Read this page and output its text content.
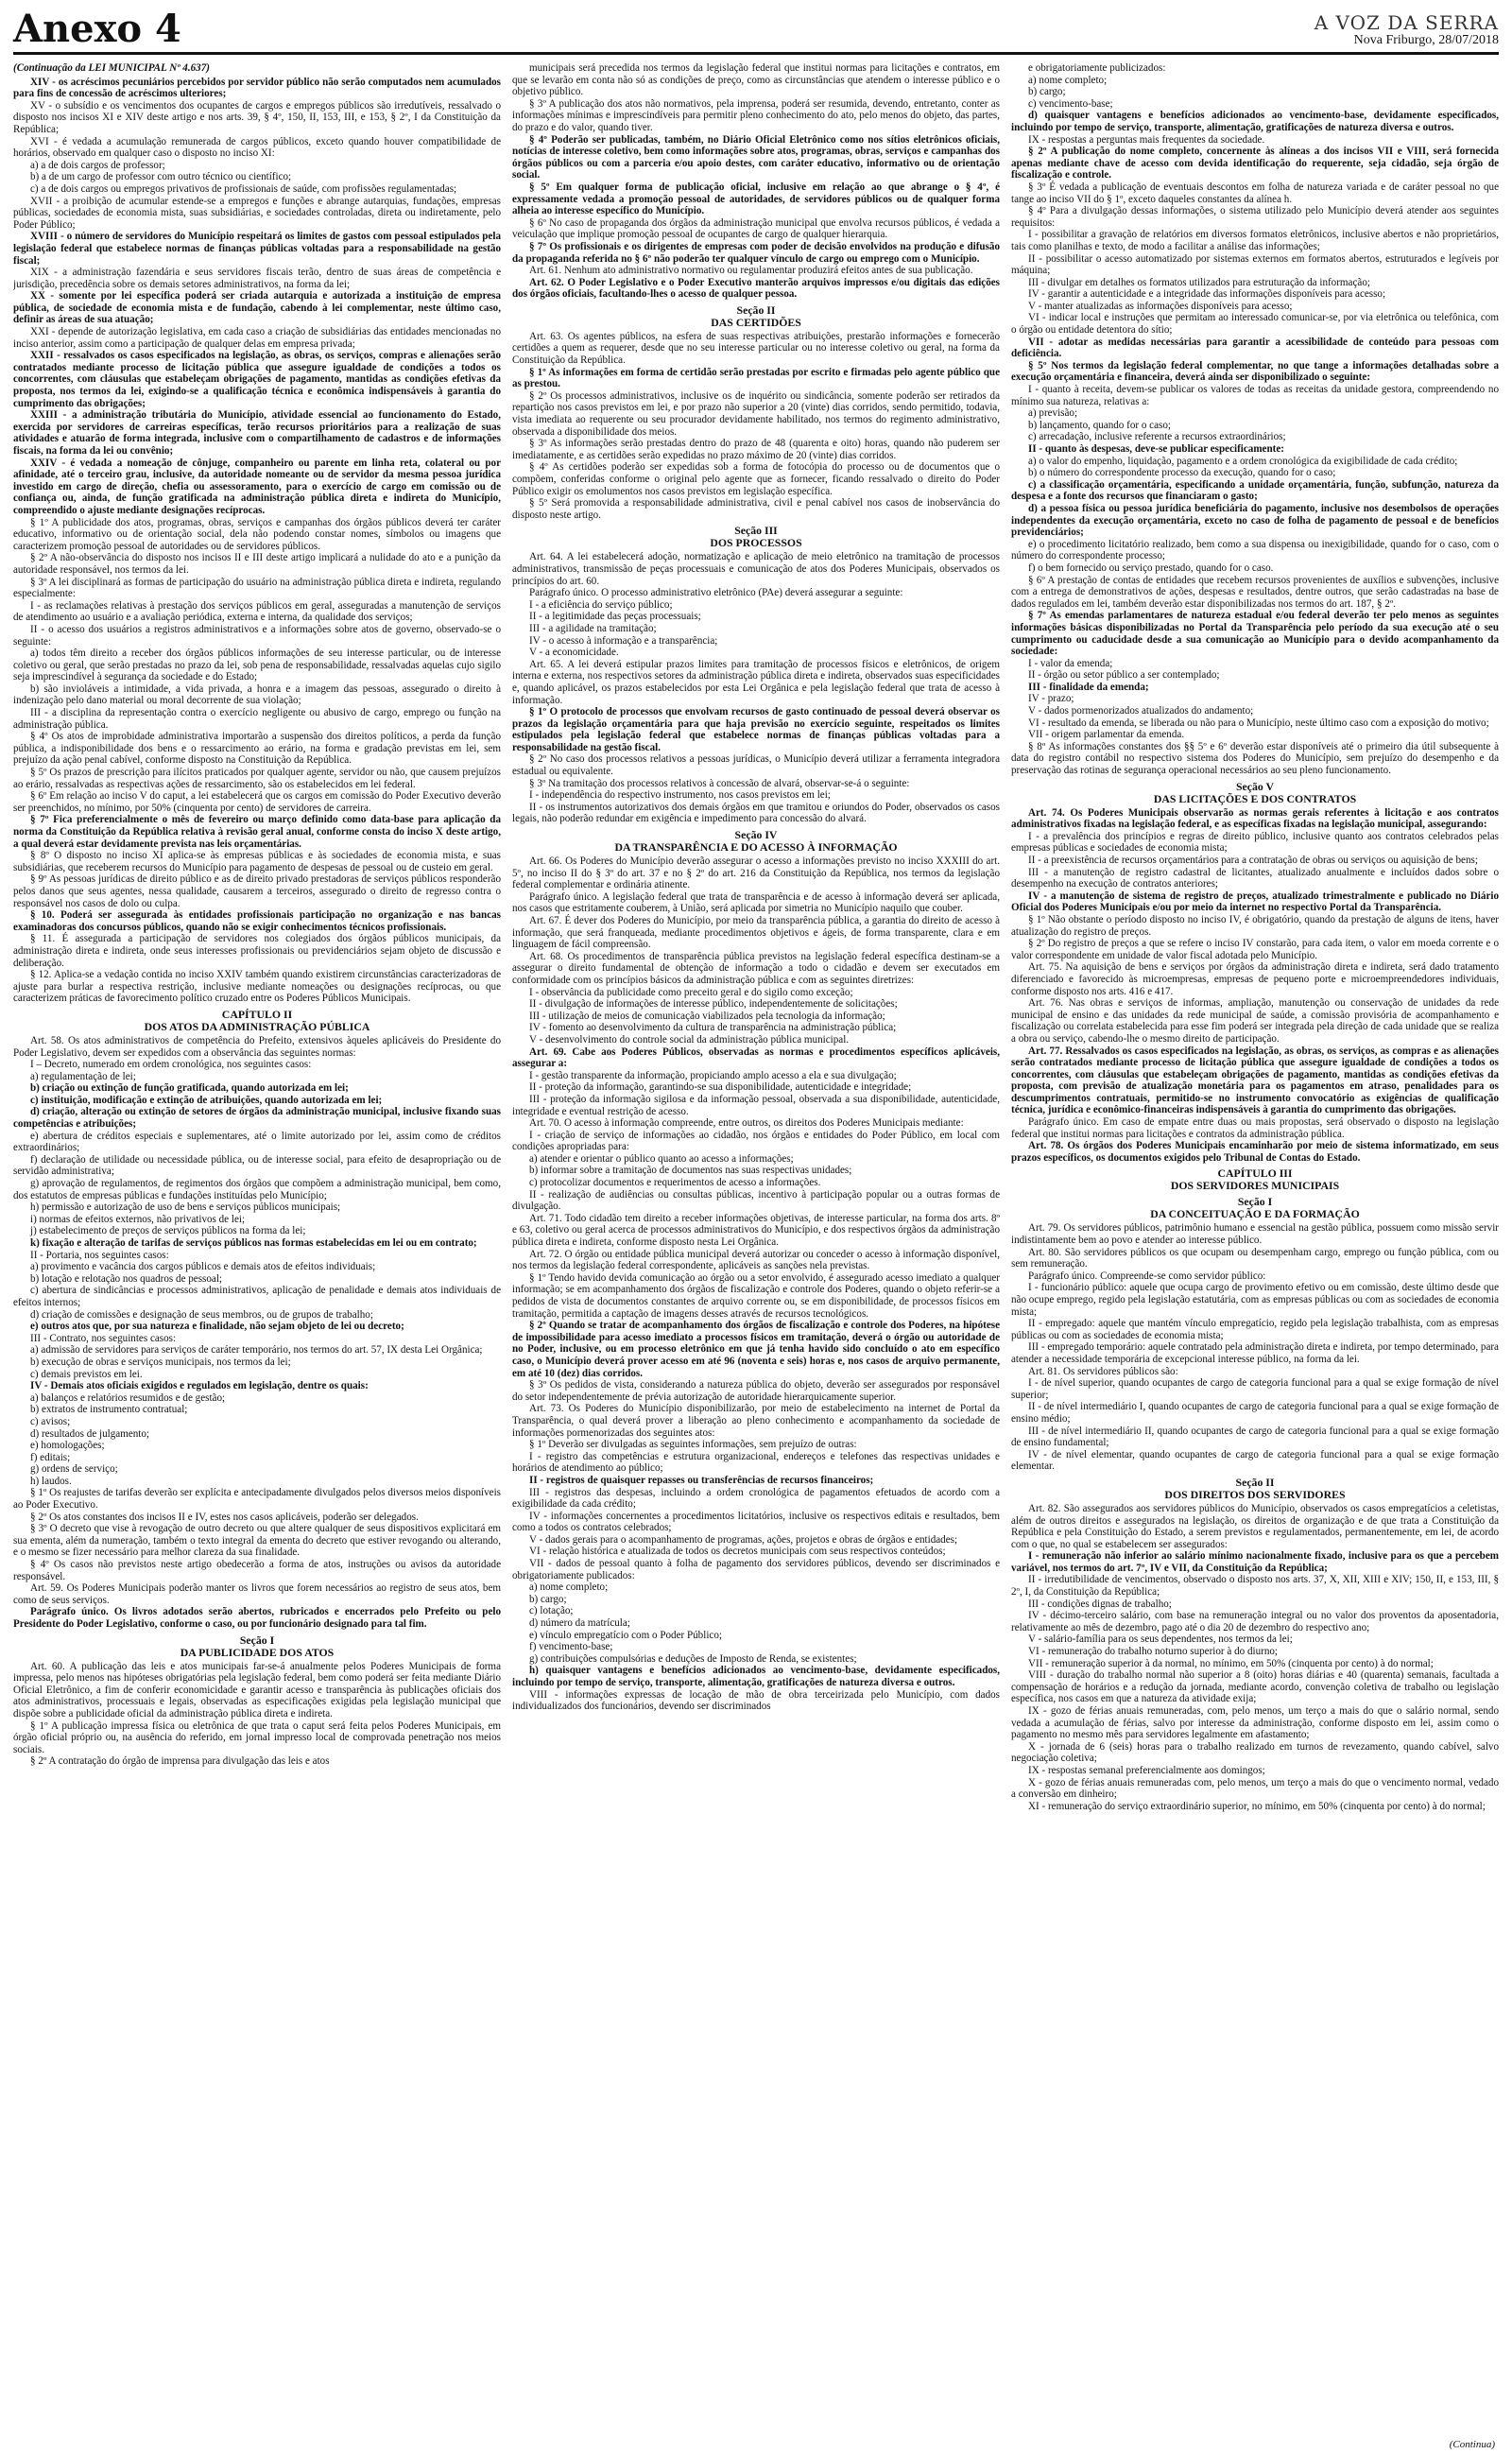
Anexo 4	A VOZ DA SERRA
Nova Friburgo, 28/07/2018

(Continuação da LEI MUNICIPAL Nº 4.637)

XIV - os acréscimos pecuniários percebidos por servidor público não serão computados nem acumulados para fins de concessão de acréscimos ulteriores;

XV - o subsídio e os vencimentos dos ocupantes de cargos e empregos públicos são irredutíveis, ressalvado o disposto nos incisos XI e XIV deste artigo e nos arts. 39, § 4º, 150, II, 153, III, e 153, § 2º, I da Constituição da República;

XVI - é vedada a acumulação remunerada de cargos públicos, exceto quando houver compatibilidade de horários, observado em qualquer caso o disposto no inciso XI:

a) a de dois cargos de professor;

b) a de um cargo de professor com outro técnico ou científico;

c) a de dois cargos ou empregos privativos de profissionais de saúde, com profissões regulamentadas;

XVII - a proibição de acumular estende-se a empregos e funções e abrange autarquias, fundações, empresas públicas, sociedades de economia mista, suas subsidiárias, e sociedades controladas, direta ou indiretamente, pelo Poder Público;

XVIII - o número de servidores do Município respeitará os limites de gastos com pessoal estipulados pela legislação federal que estabelece normas de finanças públicas voltadas para a responsabilidade na gestão fiscal;

XIX - a administração fazendária e seus servidores fiscais terão, dentro de suas áreas de competência e jurisdição, precedência sobre os demais setores administrativos, na forma da lei;

XX - somente por lei específica poderá ser criada autarquia e autorizada a instituição de empresa pública, de sociedade de economia mista e de fundação, cabendo à lei complementar, neste último caso, definir as áreas de sua atuação;

XXI - depende de autorização legislativa, em cada caso a criação de subsidiárias das entidades mencionadas no inciso anterior, assim como a participação de qualquer delas em empresa privada;

XXII - ressalvados os casos especificados na legislação, as obras, os serviços, compras e alienações serão contratados mediante processo de licitação pública que assegure igualdade de condições a todos os concorrentes, com cláusulas que estabeleçam obrigações de pagamento, mantidas as condições efetivas da proposta, nos termos da lei, exigindo-se a qualificação técnica e econômica indispensáveis à garantia do cumprimento das obrigações;

XXIII - a administração tributária do Município, atividade essencial ao funcionamento do Estado, exercida por servidores de carreiras específicas, terão recursos prioritários para a realização de suas atividades e atuarão de forma integrada, inclusive com o compartilhamento de cadastros e de informações fiscais, na forma da lei ou convênio;

XXIV - é vedada a nomeação de cônjuge, companheiro ou parente em linha reta, colateral ou por afinidade, até o terceiro grau, inclusive, da autoridade nomeante ou de servidor da mesma pessoa jurídica investido em cargo de direção, chefia ou assessoramento, para o exercício de cargo em comissão ou de confiança ou, ainda, de função gratificada na administração pública direta e indireta do Município, compreendido o ajuste mediante designações recíprocas.

§ 1º A publicidade dos atos, programas, obras, serviços e campanhas dos órgãos públicos deverá ter caráter educativo, informativo ou de orientação social, dela não podendo constar nomes, símbolos ou imagens que caracterizem promoção pessoal de autoridades ou de servidores públicos.

§ 2º A não-observância do disposto nos incisos II e III deste artigo implicará a nulidade do ato e a punição da autoridade responsável, nos termos da lei.

§ 3º A lei disciplinará as formas de participação do usuário na administração pública direta e indireta, regulando especialmente:

I - as reclamações relativas à prestação dos serviços públicos em geral, asseguradas a manutenção de serviços de atendimento ao usuário e a avaliação periódica, externa e interna, da qualidade dos serviços;

II - o acesso dos usuários a registros administrativos e a informações sobre atos de governo, observado-se o seguinte:

a) todos têm direito a receber dos órgãos públicos informações de seu interesse particular, ou de interesse coletivo ou geral, que serão prestadas no prazo da lei, sob pena de responsabilidade, ressalvadas aquelas cujo sigilo seja imprescindível à segurança da sociedade e do Estado;

b) são invioláveis a intimidade, a vida privada, a honra e a imagem das pessoas, assegurado o direito à indenização pelo dano material ou moral decorrente de sua violação;

III - a disciplina da representação contra o exercício negligente ou abusivo de cargo, emprego ou função na administração pública.

§ 4º Os atos de improbidade administrativa importarão a suspensão dos direitos políticos, a perda da função pública, a indisponibilidade dos bens e o ressarcimento ao erário, na forma e gradação previstas em lei, sem prejuízo da ação penal cabível, conforme disposto na Constituição da República.

§ 5º Os prazos de prescrição para ilícitos praticados por qualquer agente, servidor ou não, que causem prejuízos ao erário, ressalvadas as respectivas ações de ressarcimento, são os estabelecidos em lei federal.

§ 6º Em relação ao inciso V do caput, a lei estabelecerá que os cargos em comissão do Poder Executivo deverão ser preenchidos, no mínimo, por 50% (cinquenta por cento) de servidores de carreira.

§ 7º Fica preferencialmente o mês de fevereiro ou março definido como data-base para aplicação da norma da Constituição da República relativa à revisão geral anual, conforme consta do inciso X deste artigo, a qual deverá estar devidamente prevista nas leis orçamentárias.

§ 8º O disposto no inciso XI aplica-se às empresas públicas e às sociedades de economia mista, e suas subsidiárias, que receberem recursos do Município para pagamento de despesas de pessoal ou de custeio em geral.

§ 9º As pessoas jurídicas de direito público e as de direito privado prestadoras de serviços públicos responderão pelos danos que seus agentes, nessa qualidade, causarem a terceiros, assegurado o direito de regresso contra o responsável nos casos de dolo ou culpa.

§ 10. Poderá ser assegurada às entidades profissionais participação no organização e nas bancas examinadoras dos concursos públicos, quando não se exigir conhecimentos técnicos profissionais.

§ 11. É assegurada a participação de servidores nos colegiados dos órgãos públicos municipais, da administração direta e indireta, onde seus interesses profissionais ou previdenciários sejam objeto de discussão e deliberação.

§ 12. Aplica-se a vedação contida no inciso XXIV também quando existirem circunstâncias caracterizadoras de ajuste para burlar a respectiva restrição, inclusive mediante nomeações ou designações recíprocas, ou que caracterizem práticas de favorecimento político cruzado entre os Poderes Públicos Municipais.

CAPÍTULO II
DOS ATOS DA ADMINISTRAÇÃO PÚBLICA

Art. 58. Os atos administrativos de competência do Prefeito, extensivos àqueles aplicáveis do Presidente do Poder Legislativo, devem ser expedidos com a observância das seguintes normas:

I – Decreto, numerado em ordem cronológica, nos seguintes casos:

a) regulamentação de lei;

b) criação ou extinção de função gratificada, quando autorizada em lei;

c) instituição, modificação e extinção de atribuições, quando autorizada em lei;

d) criação, alteração ou extinção de setores de órgãos da administração municipal, inclusive fixando suas competências e atribuições;

e) abertura de créditos especiais e suplementares, até o limite autorizado por lei, assim como de créditos extraordinários;

f) declaração de utilidade ou necessidade pública, ou de interesse social, para efeito de desapropriação ou de servidão administrativa;

g) aprovação de regulamentos, de regimentos dos órgãos que compõem a administração municipal, bem como, dos estatutos de empresas públicas e fundações instituídas pelo Município;

h) permissão e autorização de uso de bens e serviços públicos municipais;

i) normas de efeitos externos, não privativos de lei;

j) estabelecimento de preços de serviços públicos na forma da lei;

k) fixação e alteração de tarifas de serviços públicos nas formas estabelecidas em lei ou em contrato;

II - Portaria, nos seguintes casos:

a) provimento e vacância dos cargos públicos e demais atos de efeitos individuais;

b) lotação e relotação nos quadros de pessoal;

c) abertura de sindicâncias e processos administrativos, aplicação de penalidade e demais atos individuais de efeitos internos;

d) criação de comissões e designação de seus membros, ou de grupos de trabalho;

e) outros atos que, por sua natureza e finalidade, não sejam objeto de lei ou decreto;

III - Contrato, nos seguintes casos:

a) admissão de servidores para serviços de caráter temporário, nos termos do art. 57, IX desta Lei Orgânica;

b) execução de obras e serviços municipais, nos termos da lei;

c) demais previstos em lei.

IV - Demais atos oficiais exigidos e regulados em legislação, dentre os quais:

a) balanços e relatórios resumidos e de gestão;

b) extratos de instrumento contratual;

c) avisos;

d) resultados de julgamento;

e) homologações;

f) editais;

g) ordens de serviço;

h) laudos.

§ 1º Os reajustes de tarifas deverão ser explícita e antecipadamente divulgados pelos diversos meios disponíveis ao Poder Executivo.

§ 2º Os atos constantes dos incisos II e IV, estes nos casos aplicáveis, poderão ser delegados.

§ 3º O decreto que vise à revogação de outro decreto ou que altere qualquer de seus dispositivos explicitará em sua ementa, além da numeração, também o texto integral da ementa do decreto que estiver revogando ou alterando, e o mesmo se fizer necessário para melhor clareza da sua finalidade.

§ 4º Os casos não previstos neste artigo obedecerão a forma de atos, instruções ou avisos da autoridade responsável.

Art. 59. Os Poderes Municipais poderão manter os livros que forem necessários ao registro de seus atos, bem como de seus serviços.

Parágrafo único. Os livros adotados serão abertos, rubricados e encerrados pelo Prefeito ou pelo Presidente do Poder Legislativo, conforme o caso, ou por funcionário designado para tal fim.

Seção I
DA PUBLICIDADE DOS ATOS

Art. 60. A publicação das leis e atos municipais far-se-á anualmente pelos Poderes Municipais de forma impressa, pelo menos nas hipóteses obrigatórias pela legislação federal, bem como poderá ser feita mediante Diário Oficial Eletrônico, a fim de conferir economicidade e garantir acesso e transparência às publicações oficiais dos atos administrativos, processuais e legais, observadas as especificações exigidas pela legislação municipal que dispõe sobre a publicidade oficial da administração pública direta e indireta.

§ 1º A publicação impressa física ou eletrônica de que trata o caput será feita pelos Poderes Municipais, em órgão oficial próprio ou, na ausência do referido, em jornal impresso local de comprovada penetração nos meios sociais.

§ 2º A contratação do órgão de imprensa para divulgação das leis e atos

municipais será precedida nos termos da legislação federal que institui normas para licitações e contratos, em que se levarão em conta não só as condições de preço, como as circunstâncias que atendem o interesse público e o objetivo público.

§ 3º A publicação dos atos não normativos, pela imprensa, poderá ser resumida, devendo, entretanto, conter as informações mínimas e imprescindíveis para permitir pleno conhecimento do ato, pelo menos do objeto, das partes, do prazo e do valor, quando tiver.

§ 4º Poderão ser publicadas, também, no Diário Oficial Eletrônico como nos sítios eletrônicos oficiais, notícias de interesse coletivo, bem como informações sobre atos, programas, obras, serviços e campanhas dos órgãos públicos ou com a parceria e/ou apoio destes, com caráter educativo, informativo ou de orientação social.

§ 5º Em qualquer forma de publicação oficial, inclusive em relação ao que abrange o § 4º, é expressamente vedada a promoção pessoal de autoridades, de servidores públicos ou de qualquer forma alheia ao interesse específico do Município.

§ 6º No caso de propaganda dos órgãos da administração municipal que envolva recursos públicos, é vedada a veiculação que implique promoção pessoal de ocupantes de cargo de qualquer hierarquia.

§ 7º Os profissionais e os dirigentes de empresas com poder de decisão envolvidos na produção e difusão da propaganda referida no § 6º não poderão ter qualquer vínculo de cargo ou emprego com o Município.

Art. 61. Nenhum ato administrativo normativo ou regulamentar produzirá efeitos antes de sua publicação.

Art. 62. O Poder Legislativo e o Poder Executivo manterão arquivos impressos e/ou digitais das edições dos órgãos oficiais, facultando-lhes o acesso de qualquer pessoa.

Seção II
DAS CERTIDÕES

Art. 63. Os agentes públicos, na esfera de suas respectivas atribuições, prestarão informações e fornecerão certidões a quem as requerer, desde que no seu interesse particular ou no interesse coletivo ou geral, na forma da Constituição da República.

§ 1º As informações em forma de certidão serão prestadas por escrito e firmadas pelo agente público que as prestou.

§ 2º Os processos administrativos, inclusive os de inquérito ou sindicância, somente poderão ser retirados da repartição nos casos previstos em lei, e por prazo não superior a 20 (vinte) dias corridos, sendo permitido, todavia, vista imediata ao requerente ou seu procurador devidamente habilitado, nos termos do regimento administrativo, observada a disponibilidade dos meios.

§ 3º As informações serão prestadas dentro do prazo de 48 (quarenta e oito) horas, quando não puderem ser imediatamente, e as certidões serão expedidas no prazo máximo de 20 (vinte) dias corridos.

§ 4º As certidões poderão ser expedidas sob a forma de fotocópia do processo ou de documentos que o compõem, conferidas conforme o original pelo agente que as fornecer, ficando ressalvado o direito do Poder Público exigir os emolumentos nos casos previstos em legislação específica.

§ 5º Será promovida a responsabilidade administrativa, civil e penal cabível nos casos de inobservância do disposto neste artigo.

Seção III
DOS PROCESSOS

Art. 64. A lei estabelecerá adoção, normatização e aplicação de meio eletrônico na tramitação de processos administrativos, transmissão de peças processuais e comunicação de atos dos Poderes Municipais, observados os princípios do art. 60.

Parágrafo único. O processo administrativo eletrônico (PAe) deverá assegurar a seguinte:

I - a eficiência do serviço público;

II - a legitimidade das peças processuais;

III - a agilidade na tramitação;

IV - o acesso à informação e a transparência;

V - a economicidade.

Art. 65. A lei deverá estipular prazos limites para tramitação de processos físicos e eletrônicos, de origem interna e externa, nos respectivos setores da administração pública direta e indireta, observados suas especificidades e, quando aplicável, os prazos estabelecidos por esta Lei Orgânica e pela legislação federal que trata de acesso à informação.

§ 1º O protocolo de processos que envolvam recursos de gasto continuado de pessoal deverá observar os prazos da legislação orçamentária para que haja previsão no exercício seguinte, respeitados os limites estipulados pela legislação federal que estabelece normas de finanças públicas voltadas para a responsabilidade na gestão fiscal.

§ 2º No caso dos processos relativos a pessoas jurídicas, o Município deverá utilizar a ferramenta integradora estadual ou equivalente.

§ 3º Na tramitação dos processos relativos à concessão de alvará, observar-se-á o seguinte:

I - independência do respectivo instrumento, nos casos previstos em lei;

II - os instrumentos autorizativos dos demais órgãos em que tramitou e oriundos do Poder, observados os casos legais, não poderão redundar em exigência e impedimento para concessão do alvará.

Seção IV
DA TRANSPARÊNCIA E DO ACESSO À INFORMAÇÃO

Art. 66. Os Poderes do Município deverão assegurar o acesso a informações previsto no inciso XXXIII do art. 5º, no inciso II do § 3º do art. 37 e no § 2º do art. 216 da Constituição da República, nos termos da legislação federal complementar e ordinária atinente.

Parágrafo único. A legislação federal que trata de transparência e de acesso à informação deverá ser aplicada, nos casos que estritamente couberem, à União, será aplicada por simetria no Município naquilo que couber.

Art. 67. É dever dos Poderes do Município, por meio da transparência pública, a garantia do direito de acesso à informação, que será franqueada, mediante procedimentos objetivos e ágeis, de forma transparente, clara e em linguagem de fácil compreensão.

Art. 68. Os procedimentos de transparência pública previstos na legislação federal específica destinam-se a assegurar o direito fundamental de obtenção de informação a todo o cidadão e devem ser executados em conformidade com os princípios básicos da administração pública e com as seguintes diretrizes:

I - observância da publicidade como preceito geral e do sigilo como exceção;

II - divulgação de informações de interesse público, independentemente de solicitações;

III - utilização de meios de comunicação viabilizados pela tecnologia da informação;

IV - fomento ao desenvolvimento da cultura de transparência na administração pública;

V - desenvolvimento do controle social da administração pública municipal.

Art. 69. Cabe aos Poderes Públicos, observadas as normas e procedimentos específicos aplicáveis, assegurar a:

I - gestão transparente da informação, propiciando amplo acesso a ela e sua divulgação;

II - proteção da informação, garantindo-se sua disponibilidade, autenticidade e integridade;

III - proteção da informação sigilosa e da informação pessoal, observada a sua disponibilidade, autenticidade, integridade e eventual restrição de acesso.

Art. 70. O acesso à informação compreende, entre outros, os direitos dos Poderes Municipais mediante:

I - criação de serviço de informações ao cidadão, nos órgãos e entidades do Poder Público, em local com condições apropriadas para:

a) atender e orientar o público quanto ao acesso a informações;

b) informar sobre a tramitação de documentos nas suas respectivas unidades;

c) protocolizar documentos e requerimentos de acesso a informações.

II - realização de audiências ou consultas públicas, incentivo à participação popular ou a outras formas de divulgação.

Art. 71. Todo cidadão tem direito a receber informações objetivas, de interesse particular, na forma dos arts. 8º e 63, coletivo ou geral acerca de processos administrativos do Município, e dos respectivos órgãos da administração pública direta e indireta, conforme disposto nesta Lei Orgânica.

Art. 72. O órgão ou entidade pública municipal deverá autorizar ou conceder o acesso à informação disponível, nos termos da legislação federal correspondente, aplicáveis as sanções nela previstas.

§ 1º Tendo havido devida comunicação ao órgão ou a setor envolvido, é assegurado acesso imediato a qualquer informação; se em acompanhamento dos órgãos de fiscalização e controle dos Poderes, quando o objeto referir-se a pedidos de vista de documentos constantes de arquivo corrente ou, se em disponibilidade, de processos físicos em tramitação, permitida a captação de imagens desses através de recursos tecnológicos.

§ 2º Quando se tratar de acompanhamento dos órgãos de fiscalização e controle dos Poderes, na hipótese de impossibilidade para acesso imediato a processos físicos em tramitação, deverá o órgão ou autoridade de no Poder, inclusive, ou em processo eletrônico em que já tenha havido sido concluído o ato em específico caso, o Município deverá prover acesso em até 96 (noventa e seis) horas e, nos casos de arquivo permanente, em até 10 (dez) dias corridos.

§ 3º Os pedidos de vista, considerando a natureza pública do objeto, deverão ser assegurados por responsável do setor independentemente de prévia autorização de autoridade hierarquicamente superior.

Art. 73. Os Poderes do Município disponibilizarão, por meio de estabelecimento na internet de Portal da Transparência, o qual deverá prover a liberação ao pleno conhecimento e acompanhamento da sociedade de informações pormenorizadas dos seguintes atos:

§ 1º Deverão ser divulgadas as seguintes informações, sem prejuízo de outras:

I - registro das competências e estrutura organizacional, endereços e telefones das respectivas unidades e horários de atendimento ao público;

II - registros de quaisquer repasses ou transferências de recursos financeiros;

III - registros das despesas, incluindo a ordem cronológica de pagamentos efetuados de acordo com a exigibilidade da cada crédito;

IV - informações concernentes a procedimentos licitatórios, inclusive os respectivos editais e resultados, bem como a todos os contratos celebrados;

V - dados gerais para o acompanhamento de programas, ações, projetos e obras de órgãos e entidades;

VI - relação histórica e atualizada de todos os decretos municipais com seus respectivos conteúdos;

VII - dados de pessoal quanto à folha de pagamento dos servidores públicos, devendo ser discriminados e obrigatoriamente publicados:

a) nome completo;

b) cargo;

c) lotação;

d) número da matrícula;

e) vínculo empregatício com o Poder Público;

f) vencimento-base;

g) contribuições compulsórias e deduções de Imposto de Renda, se existentes;

h) quaisquer vantagens e benefícios adicionados ao vencimento-base, devidamente especificados, incluindo por tempo de serviço, transporte, alimentação, gratificações de natureza diversa e outros.

VIII - informações expressas de locação de mão de obra terceirizada pelo Município, com dados individualizados dos funcionários, devendo ser discriminados

e obrigatoriamente publicizados:

a) nome completo;

b) cargo;

c) vencimento-base;

d) quaisquer vantagens e benefícios adicionados ao vencimento-base, devidamente especificados, incluindo por tempo de serviço, transporte, alimentação, gratificações de natureza diversa e outros.

IX - respostas a perguntas mais frequentes da sociedade.

§ 2º A publicação do nome completo, concernente às alíneas a dos incisos VII e VIII, será fornecida apenas mediante chave de acesso com devida identificação do requerente, seja cidadão, seja órgão de fiscalização e controle.

§ 3º É vedada a publicação de eventuais descontos em folha de natureza variada e de caráter pessoal no que tange ao inciso VII do § 1º, exceto daqueles constantes da alínea h.

§ 4º Para a divulgação dessas informações, o sistema utilizado pelo Município deverá atender aos seguintes requisitos:

I - possibilitar a gravação de relatórios em diversos formatos eletrônicos, inclusive abertos e não proprietários, tais como planilhas e texto, de modo a facilitar a análise das informações;

II - possibilitar o acesso automatizado por sistemas externos em formatos abertos, estruturados e legíveis por máquina;

III - divulgar em detalhes os formatos utilizados para estruturação da informação;

IV - garantir a autenticidade e a integridade das informações disponíveis para acesso;

V - manter atualizadas as informações disponíveis para acesso;

VI - indicar local e instruções que permitam ao interessado comunicar-se, por via eletrônica ou telefônica, com o órgão ou entidade detentora do sítio;

VII - adotar as medidas necessárias para garantir a acessibilidade de conteúdo para pessoas com deficiência.

§ 5º Nos termos da legislação federal complementar, no que tange a informações detalhadas sobre a execução orçamentária e financeira, deverá ainda ser disponibilizado o seguinte:

I - quanto à receita, devem-se publicar os valores de todas as receitas da unidade gestora, compreendendo no mínimo sua natureza, relativas a:

a) previsão;

b) lançamento, quando for o caso;

c) arrecadação, inclusive referente a recursos extraordinários;

II - quanto às despesas, deve-se publicar especificamente:

a) o valor do empenho, liquidação, pagamento e a ordem cronológica da exigibilidade de cada crédito;

b) o número do correspondente processo da execução, quando for o caso;

c) a classificação orçamentária, especificando a unidade orçamentária, função, subfunção, natureza da despesa e a fonte dos recursos que financiaram o gasto;

d) a pessoa física ou pessoa jurídica beneficiária do pagamento, inclusive nos desembolsos de operações independentes da execução orçamentária, exceto no caso de folha de pagamento de pessoal e de benefícios previdenciários;

e) o procedimento licitatório realizado, bem como a sua dispensa ou inexigibilidade, quando for o caso, com o número do correspondente processo;

f) o bem fornecido ou serviço prestado, quando for o caso.

§ 6º A prestação de contas de entidades que recebem recursos provenientes de auxílios e subvenções, inclusive com a entrega de demonstrativos de ações, despesas e resultados, dentre outros, que serão cadastradas na base de dados regulados em lei, também deverão estar disponibilizadas nos termos do art. 187, § 2º.

§ 7º As emendas parlamentares de natureza estadual e/ou federal deverão ter pelo menos as seguintes informações básicas disponibilizadas no Portal da Transparência pelo período da sua execução até o seu cumprimento ou caducidade desde a sua comunicação ao Município para o devido acompanhamento da sociedade:

I - valor da emenda;

II - órgão ou setor público a ser contemplado;

III - finalidade da emenda;

IV - prazo;

V - dados pormenorizados atualizados do andamento;

VI - resultado da emenda, se liberada ou não para o Município, neste último caso com a exposição do motivo;

VII - origem parlamentar da emenda.

§ 8º As informações constantes dos §§ 5º e 6º deverão estar disponíveis até o primeiro dia útil subsequente à data do registro contábil no respectivo sistema dos Poderes do Município, sem prejuízo do desempenho e da preservação das rotinas de segurança operacional necessários ao seu pleno funcionamento.

Seção V
DAS LICITAÇÕES E DOS CONTRATOS

Art. 74. Os Poderes Municipais observarão as normas gerais referentes à licitação e aos contratos administrativos fixadas na legislação federal, e as específicas fixadas na legislação municipal, assegurando:

I - a prevalência dos princípios e regras de direito público, inclusive quanto aos contratos celebrados pelas empresas públicas e sociedades de economia mista;

II - a preexistência de recursos orçamentários para a contratação de obras ou serviços ou aquisição de bens;

III - a manutenção de registro cadastral de licitantes, atualizado anualmente e incluídos dados sobre o desempenho na execução de contratos anteriores;

IV - a manutenção de sistema de registro de preços, atualizado trimestralmente e publicado no Diário Oficial dos Poderes Municipais e/ou por meio da internet no respectivo Portal da Transparência.

§ 1º Não obstante o período disposto no inciso IV, é obrigatório, quando da prestação de alguns de itens, haver atualização do registro de preços.

§ 2º Do registro de preços a que se refere o inciso IV constarão, para cada item, o valor em moeda corrente e o valor correspondente em unidade de valor fiscal adotada pelo Município.

Art. 75. Na aquisição de bens e serviços por órgãos da administração direta e indireta, será dado tratamento diferenciado e favorecido às microempresas, empresas de pequeno porte e microempreendedores individuais, conforme disposto nos arts. 416 e 417.

Art. 76. Nas obras e serviços de informas, ampliação, manutenção ou conservação de unidades da rede municipal de ensino e das unidades da rede municipal de saúde, a comissão provisória de acompanhamento e fiscalização ou correlata estabelecida para esse fim poderá ser integrada pela direção de cada unidade que se realiza a obra ou serviço, cabendo-lhe o mesmo direito de participação.

Art. 77. Ressalvados os casos especificados na legislação, as obras, os serviços, as compras e as alienações serão contratados mediante processo de licitação pública que assegure igualdade de condições a todos os concorrentes, com cláusulas que estabeleçam obrigações de pagamento, mantidas as condições efetivas da proposta, com previsão de atualização monetária para os pagamentos em atraso, penalidades para os descumprimentos contratuais, permitido-se no instrumento convocatório as exigências de qualificação técnica, jurídica e econômico-financeiras indispensáveis à garantia do cumprimento das obrigações.

Parágrafo único. Em caso de empate entre duas ou mais propostas, será observado o disposto na legislação federal que institui normas para licitações e contratos da administração pública.

Art. 78. Os órgãos dos Poderes Municipais encaminharão por meio de sistema informatizado, em seus prazos específicos, os documentos exigidos pelo Tribunal de Contas do Estado.

CAPÍTULO III
DOS SERVIDORES MUNICIPAIS
Seção I
DA CONCEITUAÇÃO E DA FORMAÇÃO

Art. 79. Os servidores públicos, patrimônio humano e essencial na gestão pública, possuem como missão servir indistintamente bem ao povo e atender ao interesse público.

Art. 80. São servidores públicos os que ocupam ou desempenham cargo, emprego ou função pública, com ou sem remuneração.

Parágrafo único. Compreende-se como servidor público:

I - funcionário público: aquele que ocupa cargo de provimento efetivo ou em comissão, deste último desde que não ocupe emprego, regido pela legislação estatutária, com as empresas públicas ou com as sociedades de economia mista;

II - empregado: aquele que mantém vínculo empregatício, regido pela legislação trabalhista, com as empresas públicas ou com as sociedades de economia mista;

III - empregado temporário: aquele contratado pela administração direta e indireta, por tempo determinado, para atender a necessidade temporária de excepcional interesse público, na forma da lei.

Art. 81. Os servidores públicos são:

I - de nível superior, quando ocupantes de cargo de categoria funcional para a qual se exige formação de nível superior;

II - de nível intermediário I, quando ocupantes de cargo de categoria funcional para a qual se exige formação de ensino médio;

III - de nível intermediário II, quando ocupantes de cargo de categoria funcional para a qual se exige formação de ensino fundamental;

IV - de nível elementar, quando ocupantes de cargo de categoria funcional para a qual se exige formação elementar.

Seção II
DOS DIREITOS DOS SERVIDORES

Art. 82. São assegurados aos servidores públicos do Município, observados os casos empregatícios a celetistas, além de outros direitos e assegurados na legislação, os direitos de organização e de que trata a Constituição da República e pela Constituição do Estado, a serem previstos e regulamentados, permanentemente, em lei, de acordo com o que, no qual se estabelecem ser assegurados:

I - remuneração não inferior ao salário mínimo nacionalmente fixado, inclusive para os que a percebem variável, nos termos do art. 7º, IV e VII, da Constituição da República;

II - irredutibilidade de vencimentos, observado o disposto nos arts. 37, X, XII, XIII e XIV; 150, II, e 153, III, § 2º, I, da Constituição da República;

III - condições dignas de trabalho;

IV - décimo-terceiro salário, com base na remuneração integral ou no valor dos proventos da aposentadoria, relativamente ao mês de dezembro, pago até o dia 20 de dezembro do respectivo ano;

V - salário-família para os seus dependentes, nos termos da lei;

VI - remuneração do trabalho noturno superior à do diurno;

VII - remuneração superior à da normal, no mínimo, em 50% (cinquenta por cento) à do normal;

VIII - duração do trabalho normal não superior a 8 (oito) horas diárias e 40 (quarenta) semanais, facultada a compensação de horários e a redução da jornada, mediante acordo, convenção coletiva de trabalho ou legislação específica, nos casos em que a natureza da atividade exija;

IX - gozo de férias anuais remuneradas, com, pelo menos, um terço a mais do que o salário normal, sendo vedada a acumulação de férias, salvo por interesse da administração, conforme disposto em lei, assim como o pagamento no mesmo mês para servidores legalmente em afastamento;

X - jornada de 6 (seis) horas para o trabalho realizado em turnos de revezamento, quando cabível, salvo negociação coletiva;

IX - respostas semanal preferencialmente aos domingos;

X - gozo de férias anuais remuneradas com, pelo menos, um terço a mais do que o vencimento normal, vedado a conversão em dinheiro;

XI - remuneração do serviço extraordinário superior, no mínimo, em 50% (cinquenta por cento) à do normal;

(Continua)
